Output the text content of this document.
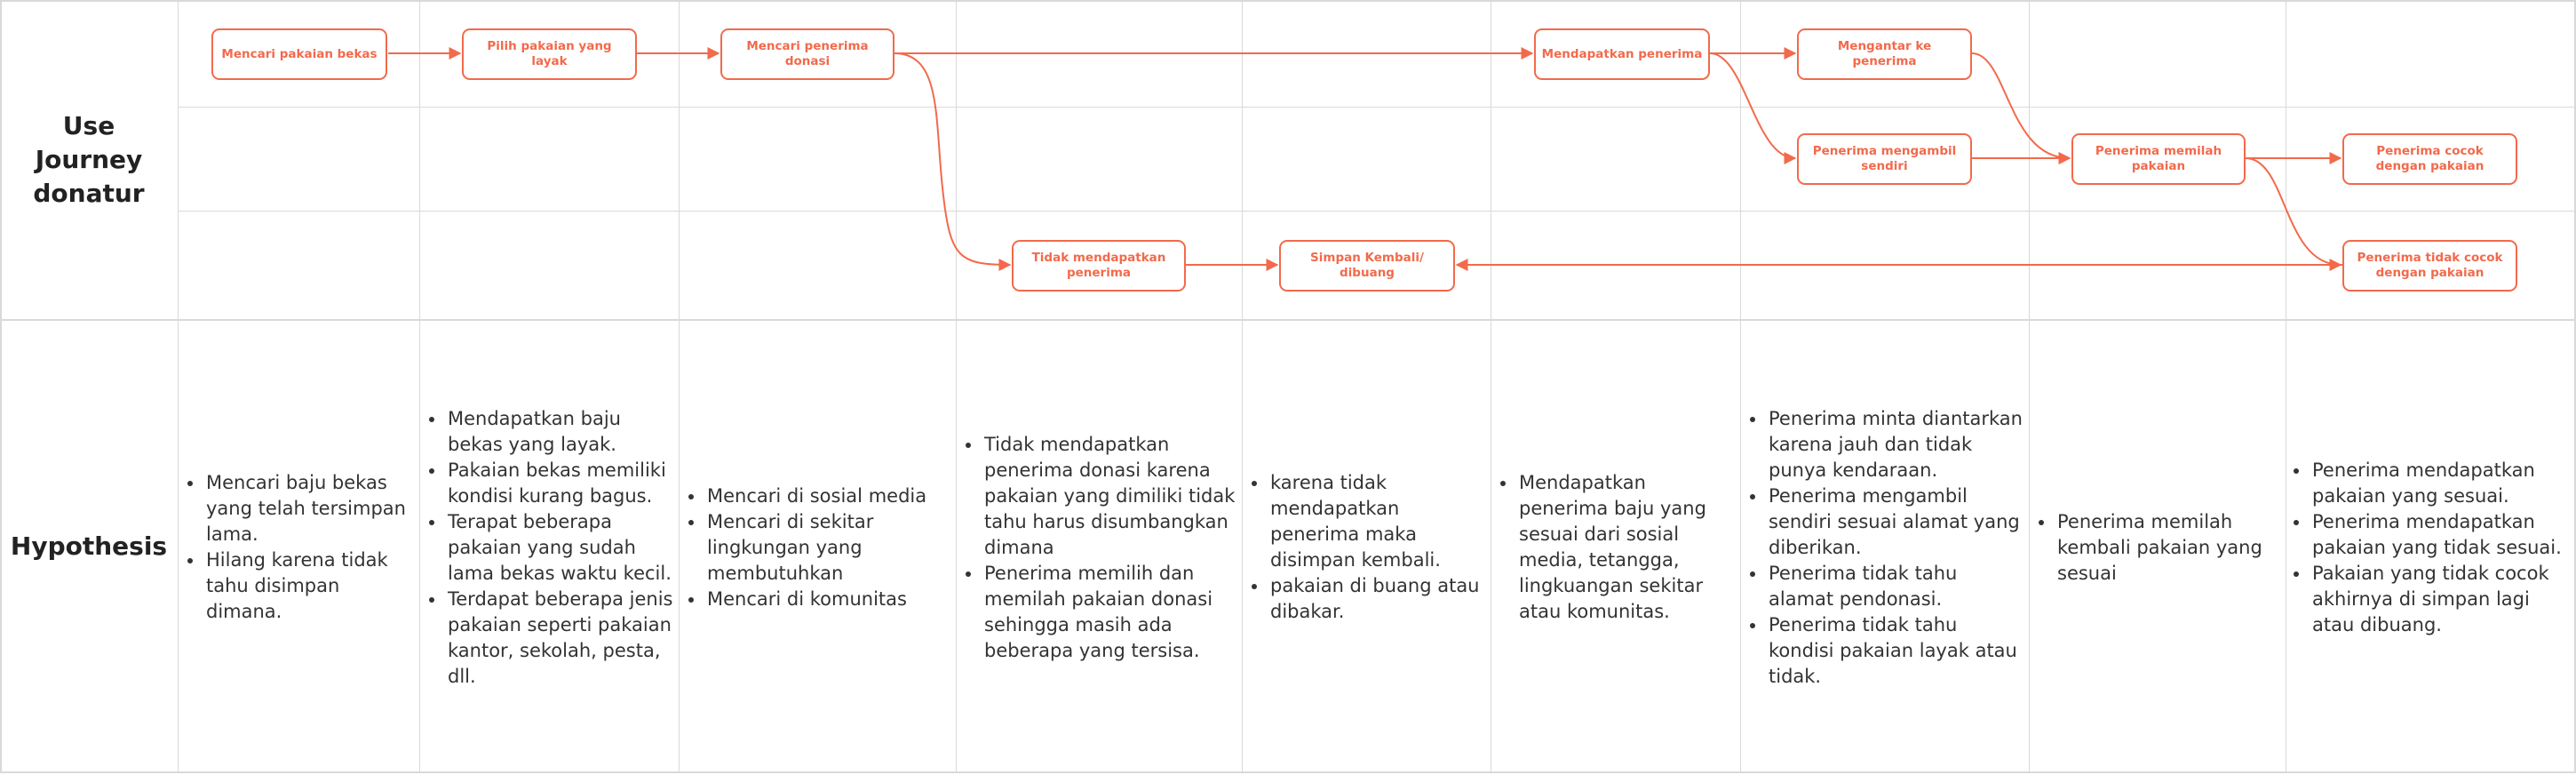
Use Journey donatur
Hypothesis
Mencari pakaian bekas
Pilih pakaian yang layak
Mencari penerima donasi
Mendapatkan penerima
Mengantar ke penerima
Penerima mengambil sendiri
Penerima memilah pakaian
Penerima cocok dengan pakaian
Tidak mendapatkan penerima
Simpan Kembali/ dibuang
Penerima tidak cocok dengan pakaian
• Mencari baju bekas yang telah tersimpan lama.
• Hilang karena tidak tahu disimpan dimana.
• Mendapatkan baju bekas yang layak.
• Pakaian bekas memiliki kondisi kurang bagus.
• Terapat beberapa pakaian yang sudah lama bekas waktu kecil.
• Terdapat beberapa jenis pakaian seperti pakaian kantor, sekolah, pesta, dll.
• Mencari di sosial media
• Mencari di sekitar lingkungan yang membutuhkan
• Mencari di komunitas
• Tidak mendapatkan penerima donasi karena pakaian yang dimiliki tidak tahu harus disumbangkan dimana
• Penerima memilih dan memilah pakaian donasi sehingga masih ada beberapa yang tersisa.
• karena tidak mendapatkan penerima maka disimpan kembali.
• pakaian di buang atau dibakar.
• Mendapatkan penerima baju yang sesuai dari sosial media, tetangga, lingkuangan sekitar atau komunitas.
• Penerima minta diantarkan karena jauh dan tidak punya kendaraan.
• Penerima mengambil sendiri sesuai alamat yang diberikan.
• Penerima tidak tahu alamat pendonasi.
• Penerima tidak tahu kondisi pakaian layak atau tidak.
• Penerima memilah kembali pakaian yang sesuai
• Penerima mendapatkan pakaian yang sesuai.
• Penerima mendapatkan pakaian yang tidak sesuai.
• Pakaian yang tidak cocok akhirnya di simpan lagi atau dibuang.
